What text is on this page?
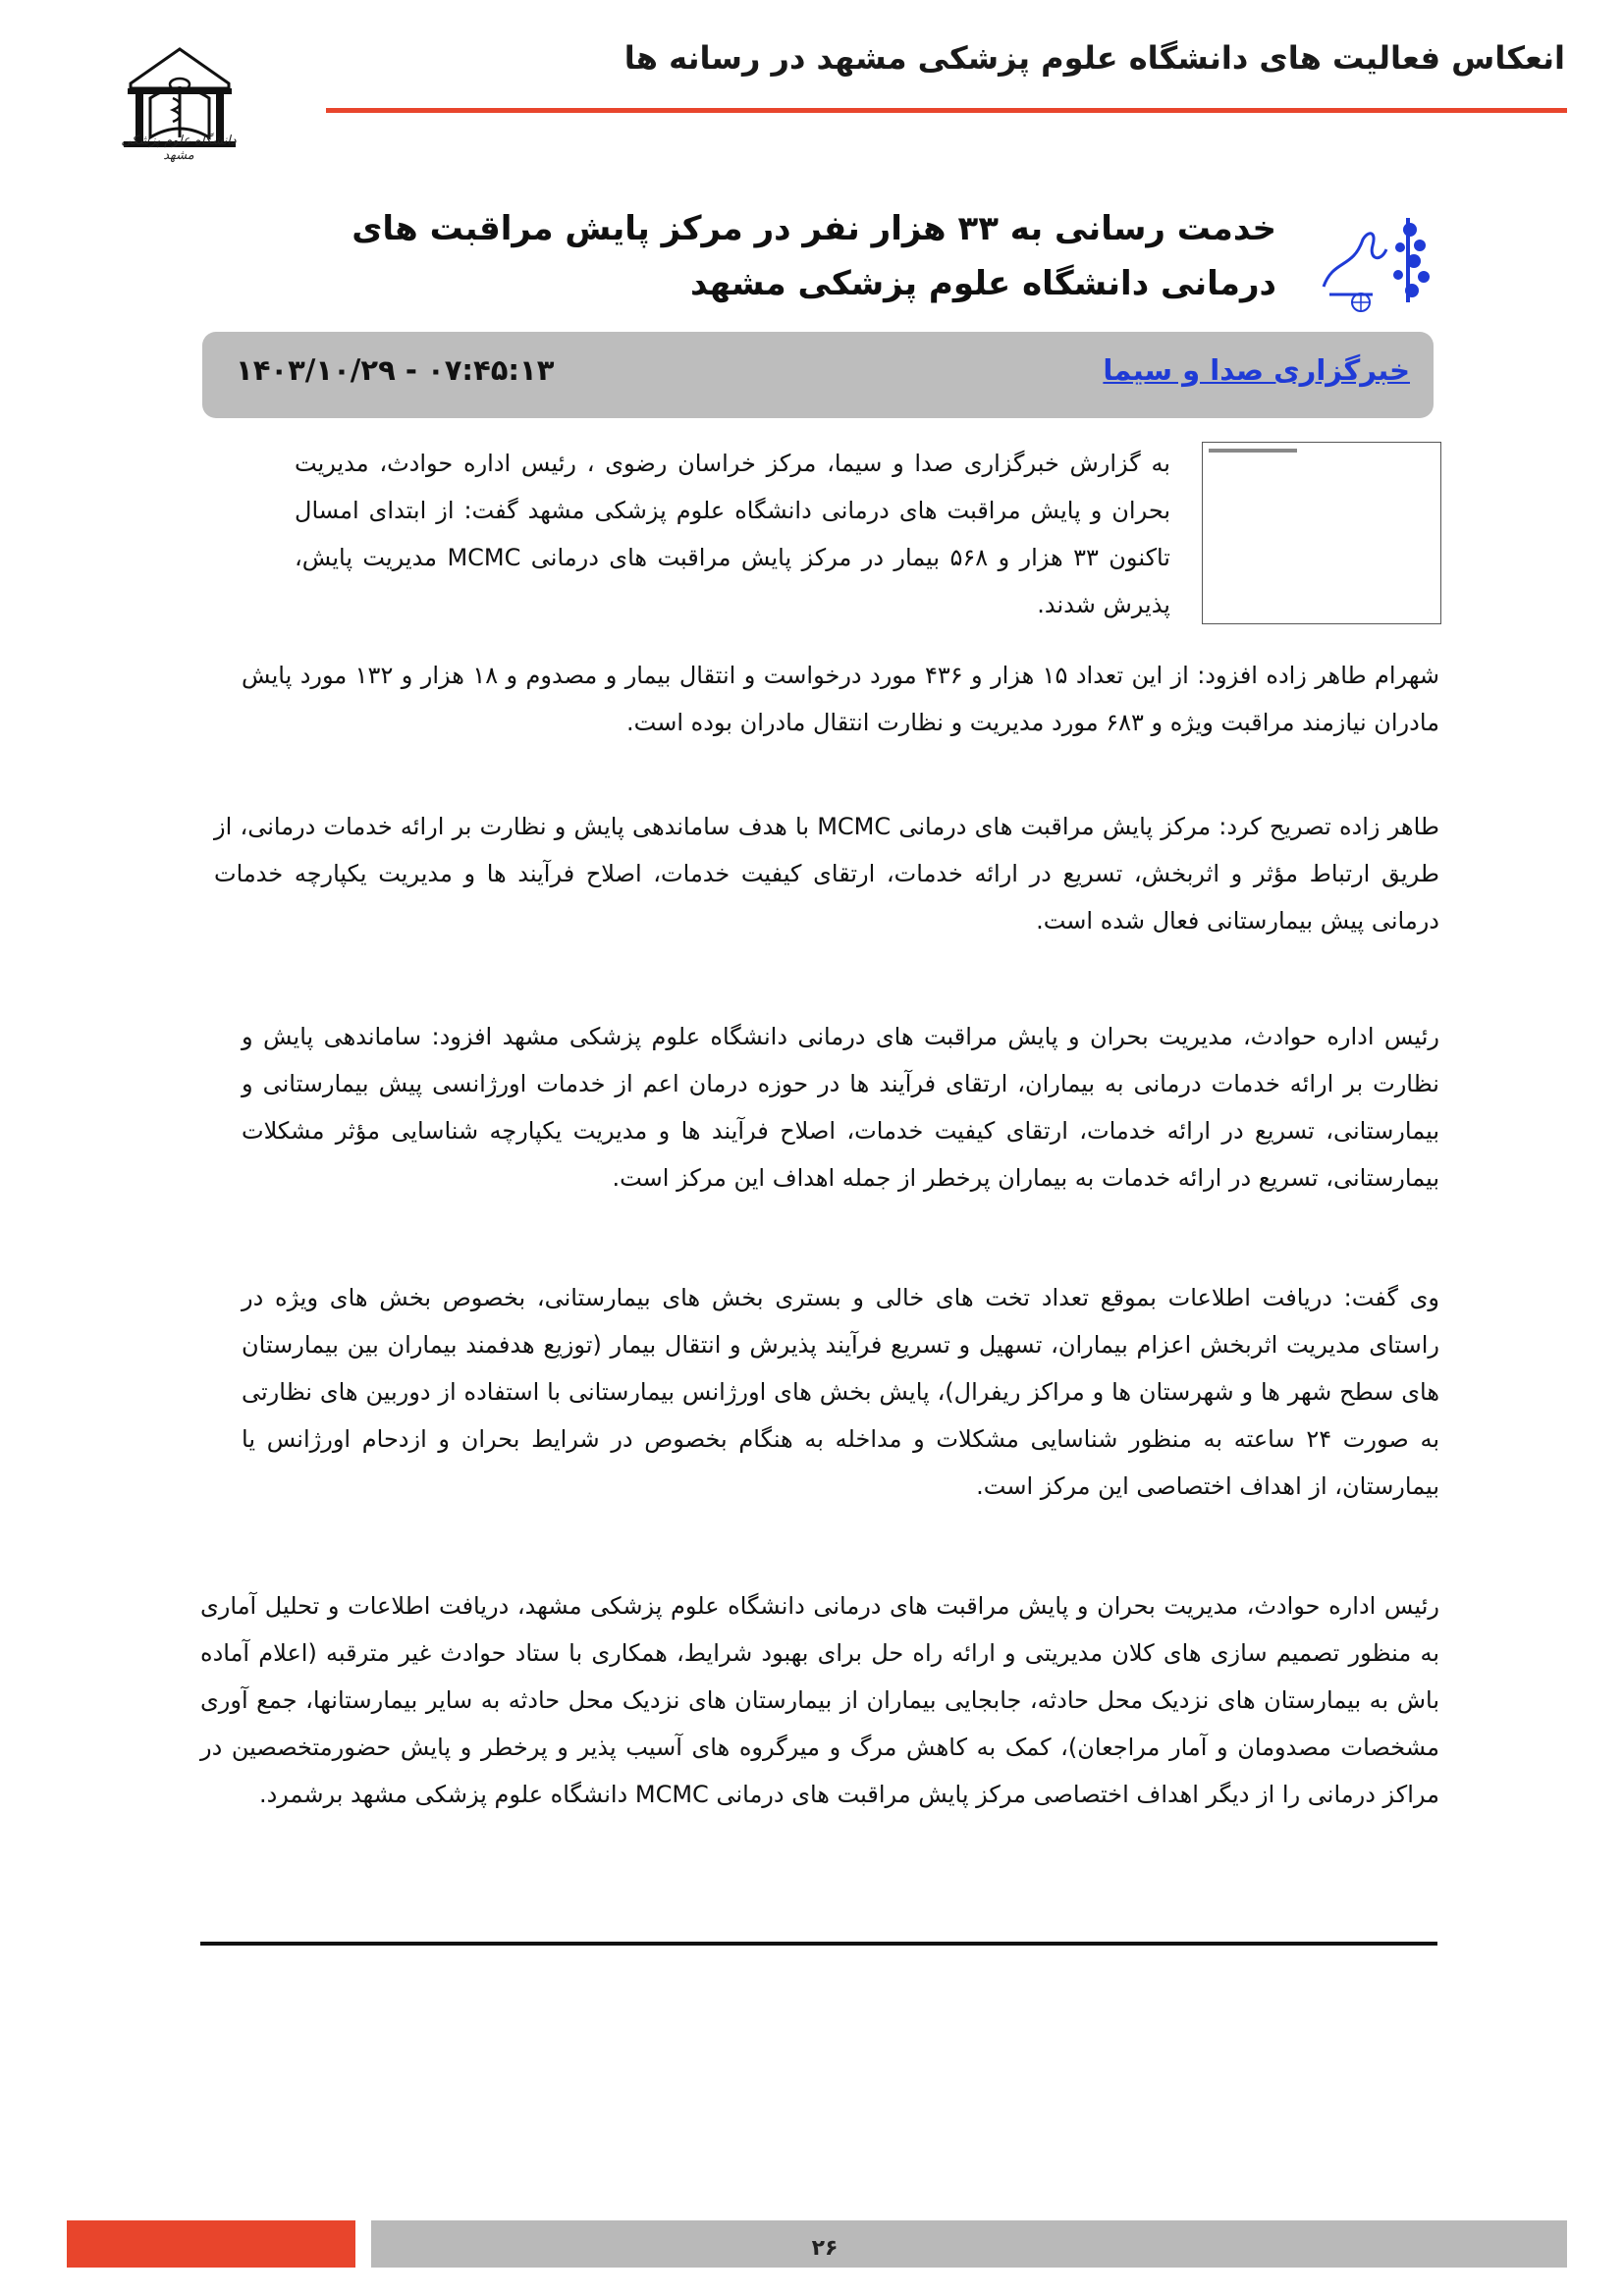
انعکاس فعالیت های دانشگاه علوم پزشکی مشهد در رسانه ها
دانشگاه علوم پزشکی مشهد
خدمت رسانی به ۳۳ هزار نفر در مرکز پایش مراقبت های درمانی دانشگاه علوم پزشکی مشهد
خبرگزاری صدا و سیما
۱۴۰۳/۱۰/۲۹ - ۰۷:۴۵:۱۳
به گزارش خبرگزاری صدا و سیما، مرکز خراسان رضوی ، رئیس اداره حوادث، مدیریت بحران و پایش مراقبت های درمانی دانشگاه علوم پزشکی مشهد گفت: از ابتدای امسال تاکنون ۳۳ هزار و ۵۶۸ بیمار در مرکز پایش مراقبت های درمانی MCMC مدیریت پایش، پذیرش شدند.
شهرام طاهر زاده افزود: از این تعداد ۱۵ هزار و ۴۳۶ مورد درخواست و انتقال بیمار و مصدوم و ۱۸ هزار و ۱۳۲ مورد پایش مادران نیازمند مراقبت ویژه و ۶۸۳ مورد مدیریت و نظارت انتقال مادران بوده است.
طاهر زاده تصریح کرد: مرکز پایش مراقبت های درمانی MCMC با هدف ساماندهی پایش و نظارت بر ارائه خدمات درمانی، از طریق ارتباط مؤثر و اثربخش، تسریع در ارائه خدمات، ارتقای کیفیت خدمات، اصلاح فرآیند ها و مدیریت یکپارچه خدمات درمانی پیش بیمارستانی فعال شده است.
رئیس اداره حوادث، مدیریت بحران و پایش مراقبت های درمانی دانشگاه علوم پزشکی مشهد افزود: ساماندهی پایش و نظارت بر ارائه خدمات درمانی به بیماران، ارتقای فرآیند ها در حوزه درمان اعم از خدمات اورژانسی پیش بیمارستانی و بیمارستانی، تسریع در ارائه خدمات، ارتقای کیفیت خدمات، اصلاح فرآیند ها و مدیریت یکپارچه شناسایی مؤثر مشکلات بیمارستانی، تسریع در ارائه خدمات به بیماران پرخطر از جمله اهداف این مرکز است.
وی گفت: دریافت اطلاعات بموقع تعداد تخت های خالی و بستری بخش های بیمارستانی، بخصوص بخش های ویژه در راستای مدیریت اثربخش اعزام بیماران، تسهیل و تسریع فرآیند پذیرش و انتقال بیمار (توزیع هدفمند بیماران بین بیمارستان های سطح شهر ها و شهرستان ها و مراکز ریفرال)، پایش بخش های اورژانس بیمارستانی با استفاده از دوربین های نظارتی به صورت ۲۴ ساعته به منظور شناسایی مشکلات و مداخله به هنگام بخصوص در شرایط بحران و ازدحام اورژانس یا بیمارستان، از اهداف اختصاصی این مرکز است.
رئیس اداره حوادث، مدیریت بحران و پایش مراقبت های درمانی دانشگاه علوم پزشکی مشهد، دریافت اطلاعات و تحلیل آماری به منظور تصمیم سازی های کلان مدیریتی و ارائه راه حل برای بهبود شرایط، همکاری با ستاد حوادث غیر مترقبه (اعلام آماده باش به بیمارستان های نزدیک محل حادثه، جابجایی بیماران از بیمارستان های نزدیک محل حادثه به سایر بیمارستانها، جمع آوری مشخصات مصدومان و آمار مراجعان)، کمک به کاهش مرگ و میرگروه های آسیب پذیر و پرخطر و پایش حضورمتخصصین در مراکز درمانی را از دیگر اهداف اختصاصی مرکز پایش مراقبت های درمانی MCMC دانشگاه علوم پزشکی مشهد برشمرد.
۲۶
